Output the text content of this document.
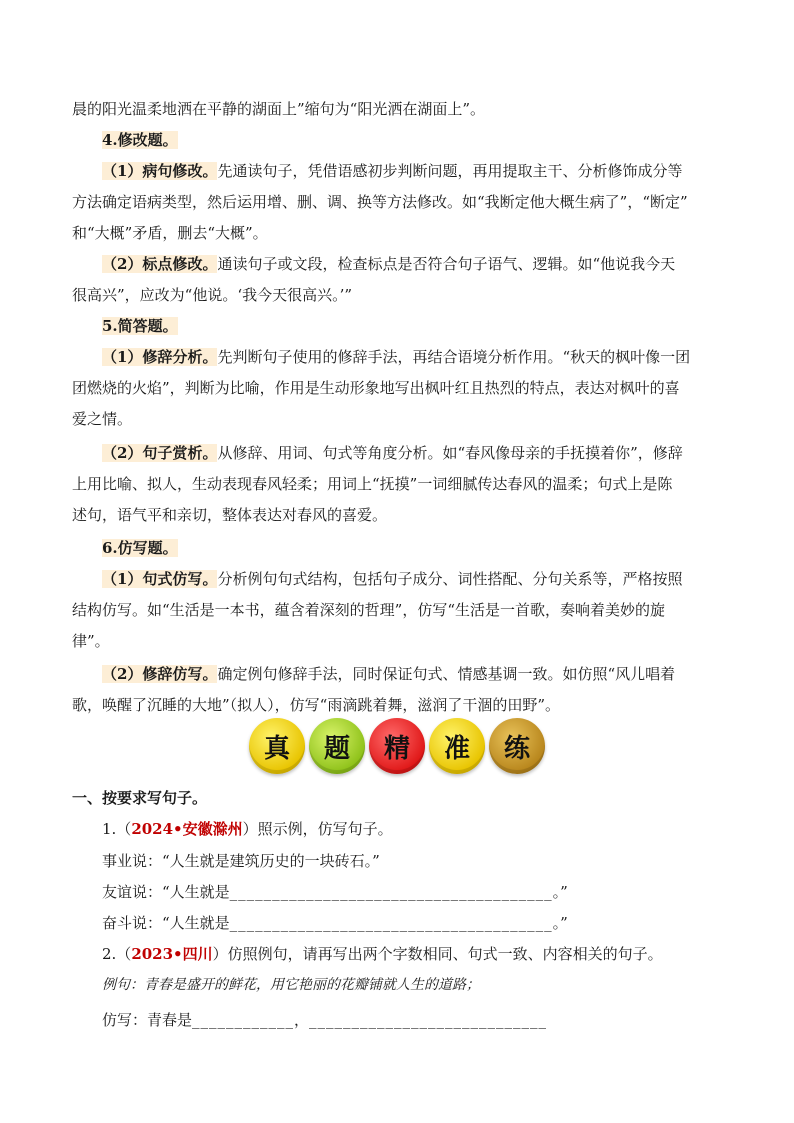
晨的阳光温柔地洒在平静的湖面上”缩句为“阳光洒在湖面上”。

4.修改题。

（1）病句修改。先通读句子，凭借语感初步判断问题，再用提取主干、分析修饰成分等

方法确定语病类型，然后运用增、删、调、换等方法修改。如“我断定他大概生病了”，“断定”

和“大概”矛盾，删去“大概”。

（2）标点修改。通读句子或文段，检查标点是否符合句子语气、逻辑。如“他说我今天

很高兴”，应改为“他说。‘我今天很高兴。’”

5.简答题。

（1）修辞分析。先判断句子使用的修辞手法，再结合语境分析作用。“秋天的枫叶像一团

团燃烧的火焰”，判断为比喻，作用是生动形象地写出枫叶红且热烈的特点，表达对枫叶的喜

爱之情。

（2）句子赏析。从修辞、用词、句式等角度分析。如“春风像母亲的手抚摸着你”，修辞

上用比喻、拟人，生动表现春风轻柔；用词上“抚摸”一词细腻传达春风的温柔；句式上是陈

述句，语气平和亲切，整体表达对春风的喜爱。

6.仿写题。

（1）句式仿写。分析例句句式结构，包括句子成分、词性搭配、分句关系等，严格按照

结构仿写。如“生活是一本书，蕴含着深刻的哲理”，仿写“生活是一首歌，奏响着美妙的旋

律”。

（2）修辞仿写。确定例句修辞手法，同时保证句式、情感基调一致。如仿照“风儿唱着

歌，唤醒了沉睡的大地”（拟人），仿写“雨滴跳着舞，滋润了干涸的田野”。

真	题	精	准	练

一、按要求写句子。

1.（2024•安徽滁州）照示例，仿写句子。

事业说：“人生就是建筑历史的一块砖石。”

友谊说：“人生就是______________________________________。”

奋斗说：“人生就是______________________________________。”

2.（2023•四川）仿照例句，请再写出两个字数相同、句式一致、内容相关的句子。

例句：青春是盛开的鲜花，用它艳丽的花瓣铺就人生的道路；

仿写：青春是____________，____________________________
